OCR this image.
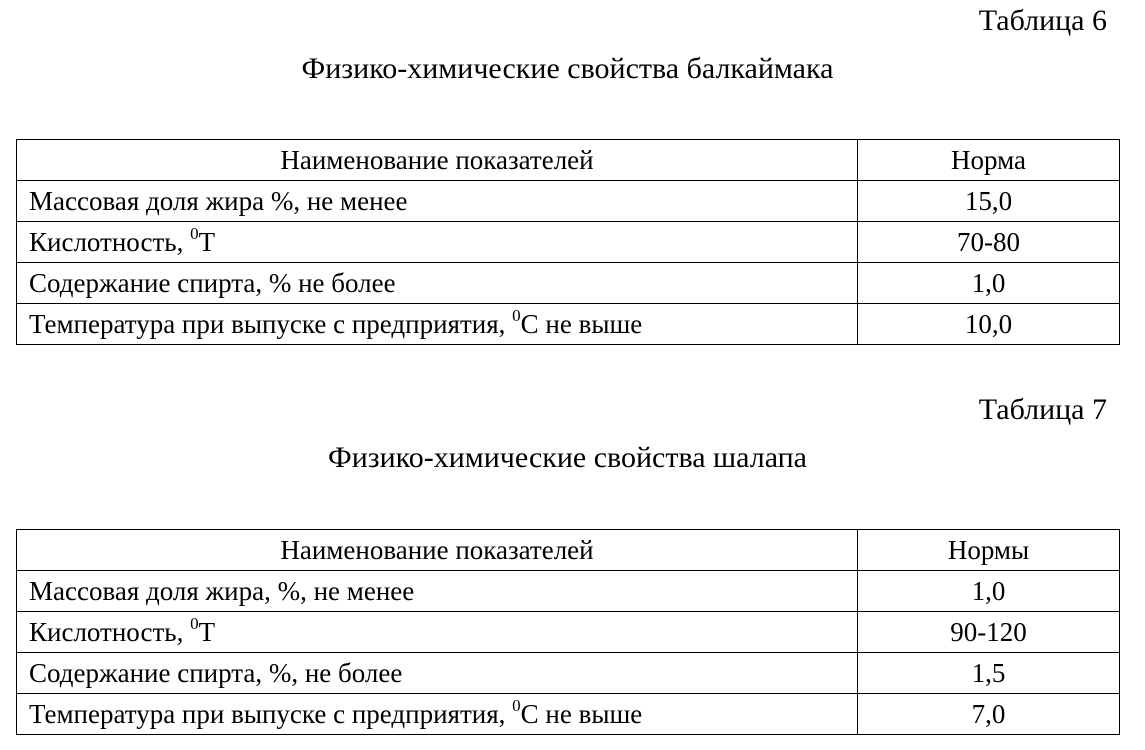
Таблица 6

Физико-химические свойства балкаймака
Наименование показателей	Норма
Массовая доля жира %, не менее	15,0
Кислотность, $^0$Т	70-80
Содержание спирта, % не более	1,0
Температура при выпуске с предприятия, $^0$С не выше	10,0

Таблица 7

Физико-химические свойства шалапа
Наименование показателей	Нормы
Массовая доля жира, %, не менее	1,0
Кислотность, $^0$Т	90-120
Содержание спирта, %, не более	1,5
Температура при выпуске с предприятия, $^0$С не выше	7,0
